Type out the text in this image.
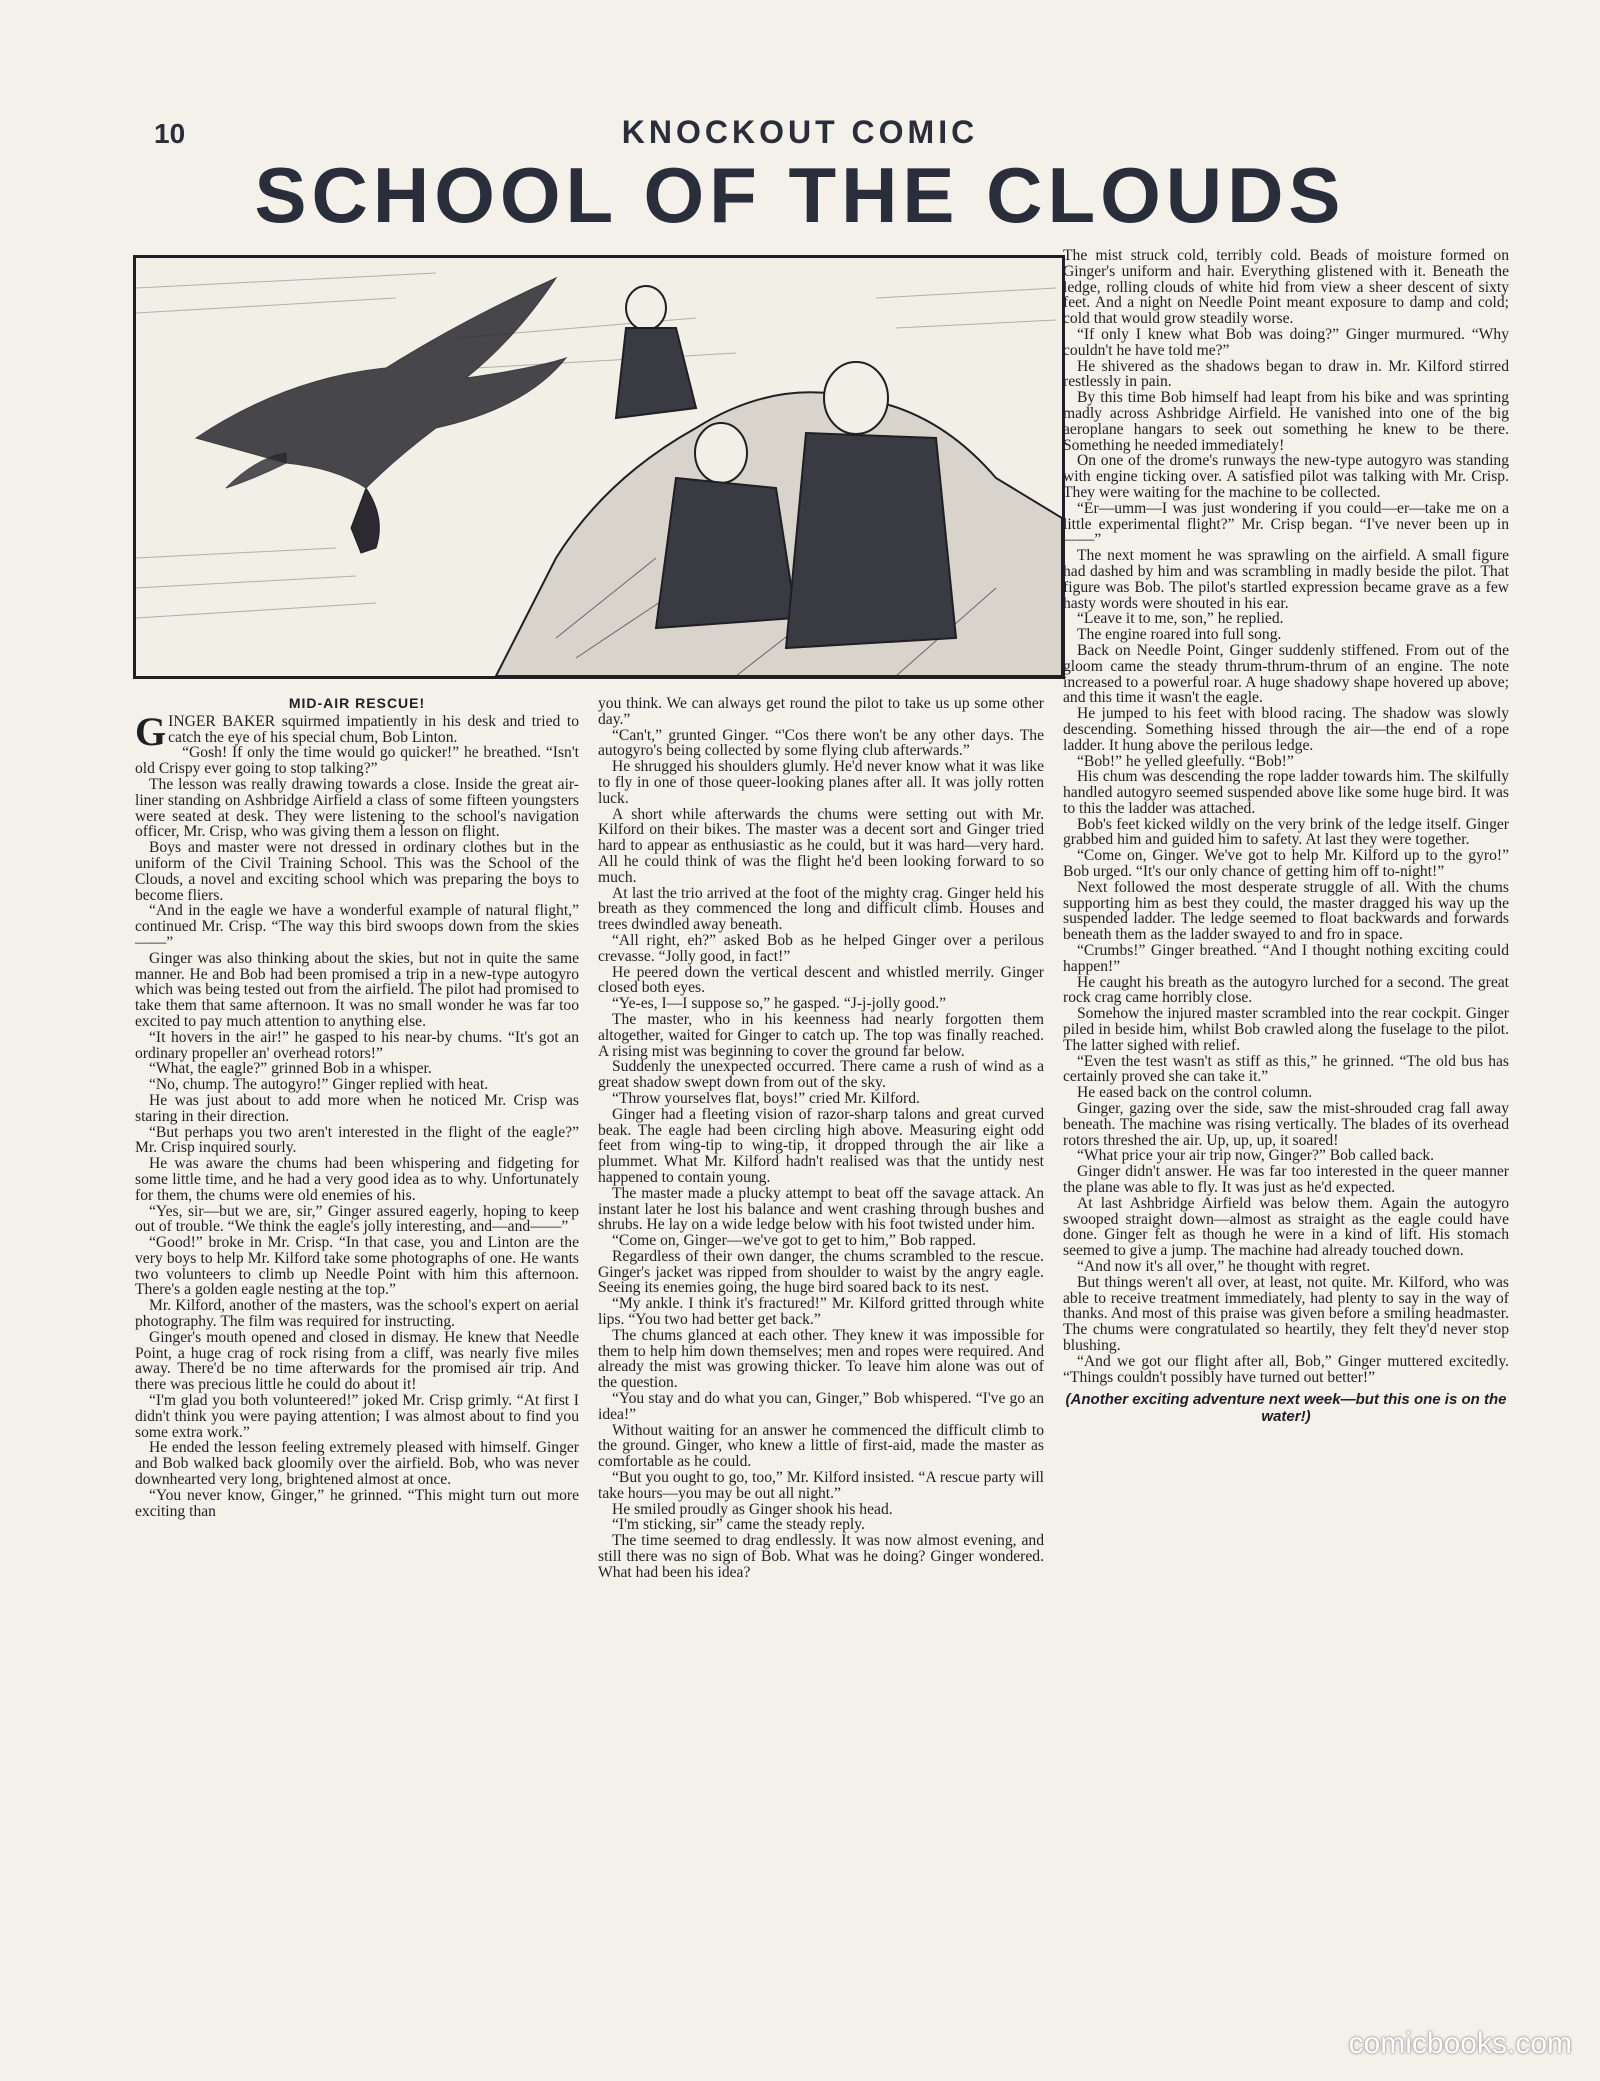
10	KNOCKOUT COMIC
SCHOOL OF THE CLOUDS
MID-AIR RESCUE!

GINGER BAKER squirmed impatiently in his desk and tried to catch the eye of his special chum, Bob Linton.

“Gosh! If only the time would go quicker!” he breathed. “Isn't old Crispy ever going to stop talking?”

The lesson was really drawing towards a close. Inside the great air-liner standing on Ashbridge Airfield a class of some fifteen youngsters were seated at desk. They were listening to the school's navigation officer, Mr. Crisp, who was giving them a lesson on flight.

Boys and master were not dressed in ordinary clothes but in the uniform of the Civil Training School. This was the School of the Clouds, a novel and exciting school which was preparing the boys to become fliers.

“And in the eagle we have a wonderful example of natural flight,” continued Mr. Crisp. “The way this bird swoops down from the skies——”

Ginger was also thinking about the skies, but not in quite the same manner. He and Bob had been promised a trip in a new-type autogyro which was being tested out from the airfield. The pilot had promised to take them that same afternoon. It was no small wonder he was far too excited to pay much attention to anything else.

“It hovers in the air!” he gasped to his near-by chums. “It's got an ordinary propeller an' overhead rotors!”

“What, the eagle?” grinned Bob in a whisper.

“No, chump. The autogyro!” Ginger replied with heat.

He was just about to add more when he noticed Mr. Crisp was staring in their direction.

“But perhaps you two aren't interested in the flight of the eagle?” Mr. Crisp inquired sourly.

He was aware the chums had been whispering and fidgeting for some little time, and he had a very good idea as to why. Unfortunately for them, the chums were old enemies of his.

“Yes, sir—but we are, sir,” Ginger assured eagerly, hoping to keep out of trouble. “We think the eagle's jolly interesting, and—and——”

“Good!” broke in Mr. Crisp. “In that case, you and Linton are the very boys to help Mr. Kilford take some photographs of one. He wants two volunteers to climb up Needle Point with him this afternoon. There's a golden eagle nesting at the top.”

Mr. Kilford, another of the masters, was the school's expert on aerial photography. The film was required for instructing.

Ginger's mouth opened and closed in dismay. He knew that Needle Point, a huge crag of rock rising from a cliff, was nearly five miles away. There'd be no time afterwards for the promised air trip. And there was precious little he could do about it!

“I'm glad you both volunteered!” joked Mr. Crisp grimly. “At first I didn't think you were paying attention; I was almost about to find you some extra work.”

He ended the lesson feeling extremely pleased with himself. Ginger and Bob walked back gloomily over the airfield. Bob, who was never downhearted very long, brightened almost at once.

“You never know, Ginger,” he grinned. “This might turn out more exciting than

you think. We can always get round the pilot to take us up some other day.”

“Can't,” grunted Ginger. “'Cos there won't be any other days. The autogyro's being collected by some flying club afterwards.”

He shrugged his shoulders glumly. He'd never know what it was like to fly in one of those queer-looking planes after all. It was jolly rotten luck.

A short while afterwards the chums were setting out with Mr. Kilford on their bikes. The master was a decent sort and Ginger tried hard to appear as enthusiastic as he could, but it was hard—very hard. All he could think of was the flight he'd been looking forward to so much.

At last the trio arrived at the foot of the mighty crag. Ginger held his breath as they commenced the long and difficult climb. Houses and trees dwindled away beneath.

“All right, eh?” asked Bob as he helped Ginger over a perilous crevasse. “Jolly good, in fact!”

He peered down the vertical descent and whistled merrily. Ginger closed both eyes.

“Ye-es, I—I suppose so,” he gasped. “J-j-jolly good.”

The master, who in his keenness had nearly forgotten them altogether, waited for Ginger to catch up. The top was finally reached. A rising mist was beginning to cover the ground far below.

Suddenly the unexpected occurred. There came a rush of wind as a great shadow swept down from out of the sky.

“Throw yourselves flat, boys!” cried Mr. Kilford.

Ginger had a fleeting vision of razor-sharp talons and great curved beak. The eagle had been circling high above. Measuring eight odd feet from wing-tip to wing-tip, it dropped through the air like a plummet. What Mr. Kilford hadn't realised was that the untidy nest happened to contain young.

The master made a plucky attempt to beat off the savage attack. An instant later he lost his balance and went crashing through bushes and shrubs. He lay on a wide ledge below with his foot twisted under him.

“Come on, Ginger—we've got to get to him,” Bob rapped.

Regardless of their own danger, the chums scrambled to the rescue. Ginger's jacket was ripped from shoulder to waist by the angry eagle. Seeing its enemies going, the huge bird soared back to its nest.

“My ankle. I think it's fractured!” Mr. Kilford gritted through white lips. “You two had better get back.”

The chums glanced at each other. They knew it was impossible for them to help him down themselves; men and ropes were required. And already the mist was growing thicker. To leave him alone was out of the question.

“You stay and do what you can, Ginger,” Bob whispered. “I've go an idea!”

Without waiting for an answer he commenced the difficult climb to the ground. Ginger, who knew a little of first-aid, made the master as comfortable as he could.

“But you ought to go, too,” Mr. Kilford insisted. “A rescue party will take hours—you may be out all night.”

He smiled proudly as Ginger shook his head.

“I'm sticking, sir” came the steady reply.

The time seemed to drag endlessly. It was now almost evening, and still there was no sign of Bob. What was he doing? Ginger wondered. What had been his idea?

The mist struck cold, terribly cold. Beads of moisture formed on Ginger's uniform and hair. Everything glistened with it. Beneath the ledge, rolling clouds of white hid from view a sheer descent of sixty feet. And a night on Needle Point meant exposure to damp and cold; cold that would grow steadily worse.

“If only I knew what Bob was doing?” Ginger murmured. “Why couldn't he have told me?”

He shivered as the shadows began to draw in. Mr. Kilford stirred restlessly in pain.

By this time Bob himself had leapt from his bike and was sprinting madly across Ashbridge Airfield. He vanished into one of the big aeroplane hangars to seek out something he knew to be there. Something he needed immediately!

On one of the drome's runways the new-type autogyro was standing with engine ticking over. A satisfied pilot was talking with Mr. Crisp. They were waiting for the machine to be collected.

“Er—umm—I was just wondering if you could—er—take me on a little experimental flight?” Mr. Crisp began. “I've never been up in——”

The next moment he was sprawling on the airfield. A small figure had dashed by him and was scrambling in madly beside the pilot. That figure was Bob. The pilot's startled expression became grave as a few hasty words were shouted in his ear.

“Leave it to me, son,” he replied.

The engine roared into full song.

Back on Needle Point, Ginger suddenly stiffened. From out of the gloom came the steady thrum-thrum-thrum of an engine. The note increased to a powerful roar. A huge shadowy shape hovered up above; and this time it wasn't the eagle.

He jumped to his feet with blood racing. The shadow was slowly descending. Something hissed through the air—the end of a rope ladder. It hung above the perilous ledge.

“Bob!” he yelled gleefully. “Bob!”

His chum was descending the rope ladder towards him. The skilfully handled autogyro seemed suspended above like some huge bird. It was to this the ladder was attached.

Bob's feet kicked wildly on the very brink of the ledge itself. Ginger grabbed him and guided him to safety. At last they were together.

“Come on, Ginger. We've got to help Mr. Kilford up to the gyro!” Bob urged. “It's our only chance of getting him off to-night!”

Next followed the most desperate struggle of all. With the chums supporting him as best they could, the master dragged his way up the suspended ladder. The ledge seemed to float backwards and forwards beneath them as the ladder swayed to and fro in space.

“Crumbs!” Ginger breathed. “And I thought nothing exciting could happen!”

He caught his breath as the autogyro lurched for a second. The great rock crag came horribly close.

Somehow the injured master scrambled into the rear cockpit. Ginger piled in beside him, whilst Bob crawled along the fuselage to the pilot. The latter sighed with relief.

“Even the test wasn't as stiff as this,” he grinned. “The old bus has certainly proved she can take it.”

He eased back on the control column.

Ginger, gazing over the side, saw the mist-shrouded crag fall away beneath. The machine was rising vertically. The blades of its overhead rotors threshed the air. Up, up, up, it soared!

“What price your air trip now, Ginger?” Bob called back.

Ginger didn't answer. He was far too interested in the queer manner the plane was able to fly. It was just as he'd expected.

At last Ashbridge Airfield was below them. Again the autogyro swooped straight down—almost as straight as the eagle could have done. Ginger felt as though he were in a kind of lift. His stomach seemed to give a jump. The machine had already touched down.

“And now it's all over,” he thought with regret.

But things weren't all over, at least, not quite. Mr. Kilford, who was able to receive treatment immediately, had plenty to say in the way of thanks. And most of this praise was given before a smiling headmaster. The chums were congratulated so heartily, they felt they'd never stop blushing.

“And we got our flight after all, Bob,” Ginger muttered excitedly. “Things couldn't possibly have turned out better!”

(Another exciting adventure next week—but this one is on the water!)
comicbooks.com
